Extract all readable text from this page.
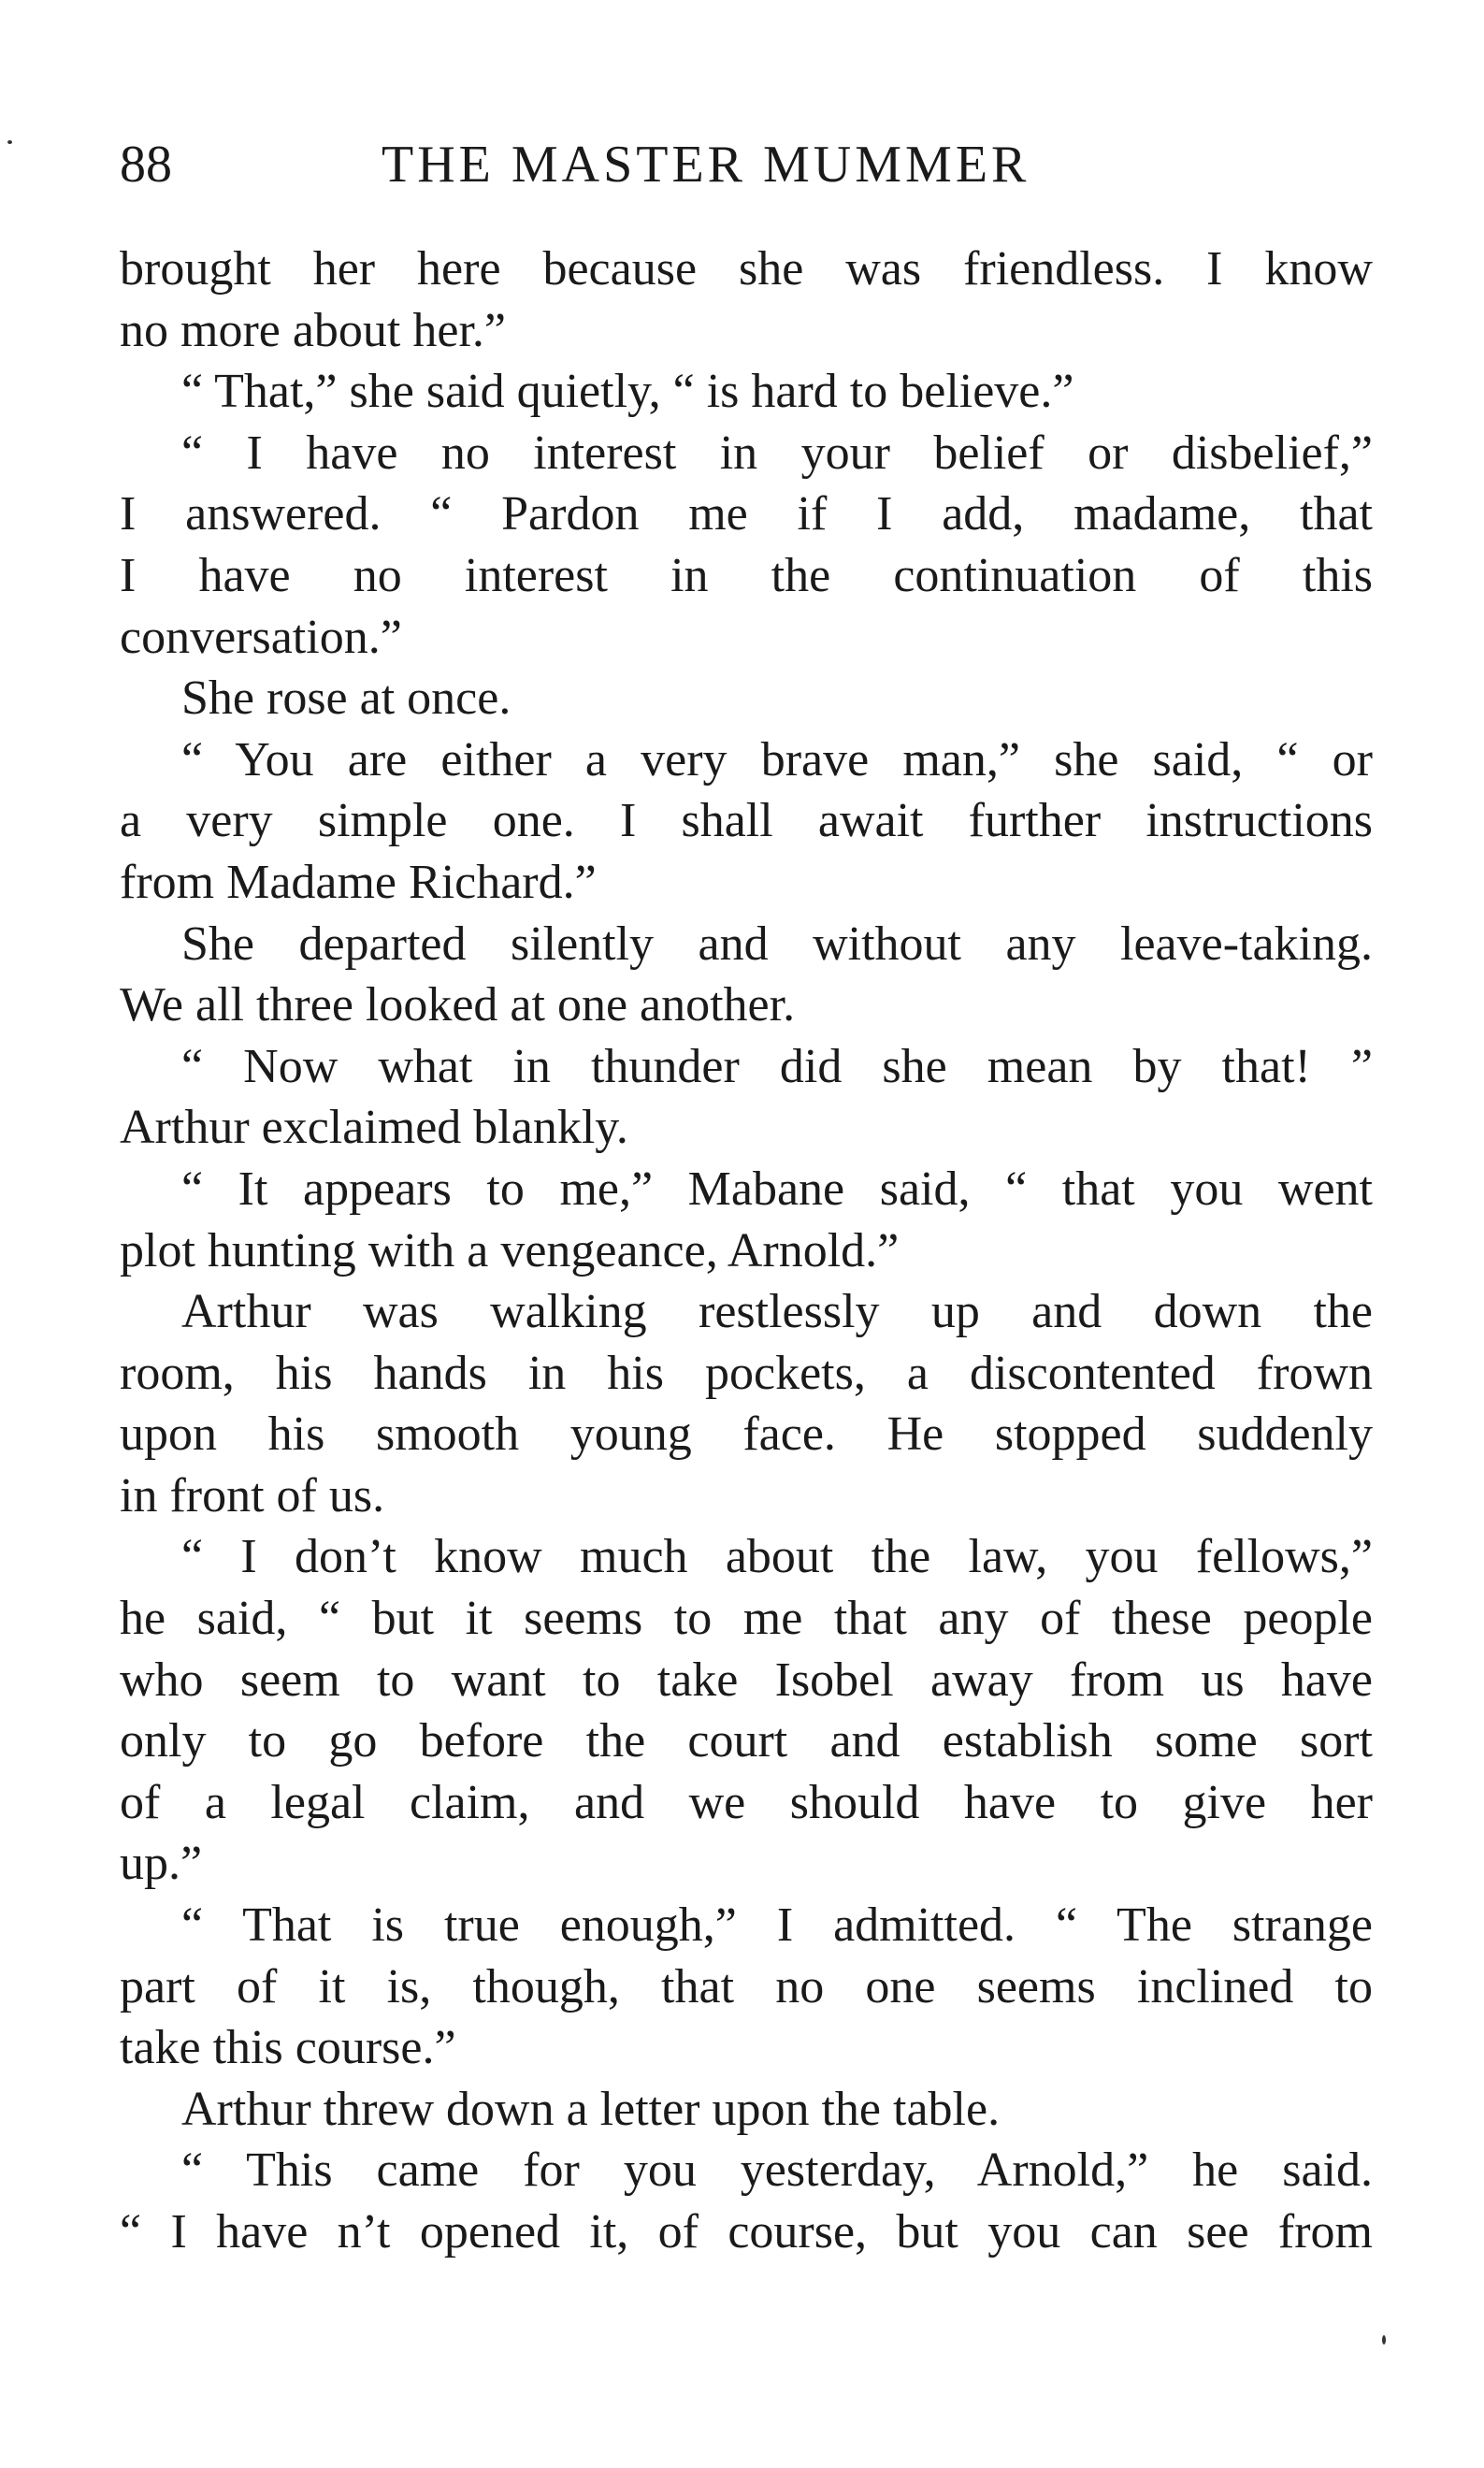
88	THE MASTER MUMMER
brought her here because she was friendless. I know
no more about her.”
“ That,” she said quietly, “ is hard to believe.”
“ I have no interest in your belief or disbelief,”
I answered. “ Pardon me if I add, madame, that
I have no interest in the continuation of this
conversation.”
She rose at once.
“ You are either a very brave man,” she said, “ or
a very simple one. I shall await further instructions
from Madame Richard.”
She departed silently and without any leave-taking.
We all three looked at one another.
“ Now what in thunder did she mean by that! ”
Arthur exclaimed blankly.
“ It appears to me,” Mabane said, “ that you went
plot hunting with a vengeance, Arnold.”
Arthur was walking restlessly up and down the
room, his hands in his pockets, a discontented frown
upon his smooth young face. He stopped suddenly
in front of us.
“ I don’t know much about the law, you fellows,”
he said, “ but it seems to me that any of these people
who seem to want to take Isobel away from us have
only to go before the court and establish some sort
of a legal claim, and we should have to give her
up.”
“ That is true enough,” I admitted. “ The strange
part of it is, though, that no one seems inclined to
take this course.”
Arthur threw down a letter upon the table.
“ This came for you yesterday, Arnold,” he said.
“ I have n’t opened it, of course, but you can see from
